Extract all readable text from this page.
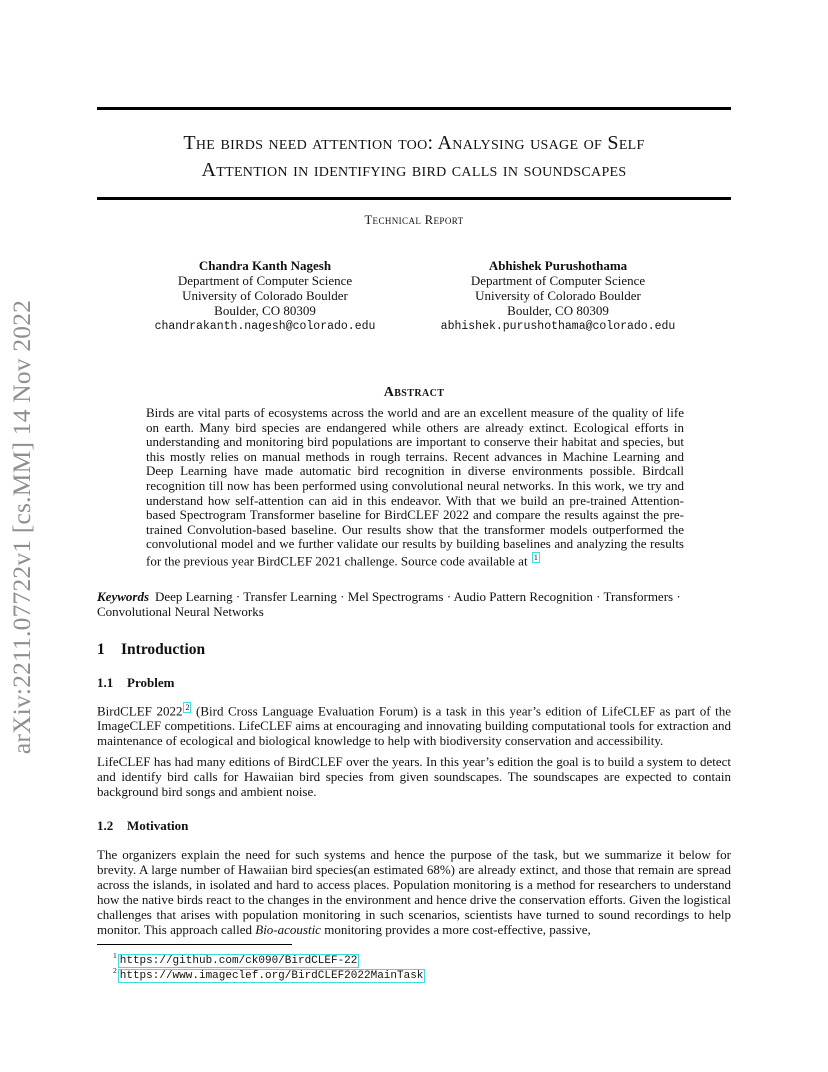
arXiv:2211.07722v1 [cs.MM] 14 Nov 2022
The birds need attention too: Analysing usage of Self
Attention in identifying bird calls in soundscapes
Technical Report
Chandra Kanth Nagesh
Department of Computer Science
University of Colorado Boulder
Boulder, CO 80309
chandrakanth.nagesh@colorado.edu
Abhishek Purushothama
Department of Computer Science
University of Colorado Boulder
Boulder, CO 80309
abhishek.purushothama@colorado.edu
Abstract
Birds are vital parts of ecosystems across the world and are an excellent measure of the quality of life on earth. Many bird species are endangered while others are already extinct. Ecological efforts in understanding and monitoring bird populations are important to conserve their habitat and species, but this mostly relies on manual methods in rough terrains. Recent advances in Machine Learning and Deep Learning have made automatic bird recognition in diverse environments possible. Birdcall recognition till now has been performed using convolutional neural networks. In this work, we try and understand how self-attention can aid in this endeavor. With that we build an pre-trained Attention-based Spectrogram Transformer baseline for BirdCLEF 2022 and compare the results against the pre-trained Convolution-based baseline. Our results show that the transformer models outperformed the convolutional model and we further validate our results by building baselines and analyzing the results for the previous year BirdCLEF 2021 challenge. Source code available at 1
Keywords Deep Learning · Transfer Learning · Mel Spectrograms · Audio Pattern Recognition · Transformers · Convolutional Neural Networks
1 Introduction
1.1 Problem
BirdCLEF 2022 2 (Bird Cross Language Evaluation Forum) is a task in this year’s edition of LifeCLEF as part of the ImageCLEF competitions. LifeCLEF aims at encouraging and innovating building computational tools for extraction and maintenance of ecological and biological knowledge to help with biodiversity conservation and accessibility.
LifeCLEF has had many editions of BirdCLEF over the years. In this year’s edition the goal is to build a system to detect and identify bird calls for Hawaiian bird species from given soundscapes. The soundscapes are expected to contain background bird songs and ambient noise.
1.2 Motivation
The organizers explain the need for such systems and hence the purpose of the task, but we summarize it below for brevity. A large number of Hawaiian bird species(an estimated 68%) are already extinct, and those that remain are spread across the islands, in isolated and hard to access places. Population monitoring is a method for researchers to understand how the native birds react to the changes in the environment and hence drive the conservation efforts. Given the logistical challenges that arises with population monitoring in such scenarios, scientists have turned to sound recordings to help monitor. This approach called Bio-acoustic monitoring provides a more cost-effective, passive,
$^1$ https://github.com/ck090/BirdCLEF-22
$^2$ https://www.imageclef.org/BirdCLEF2022MainTask
